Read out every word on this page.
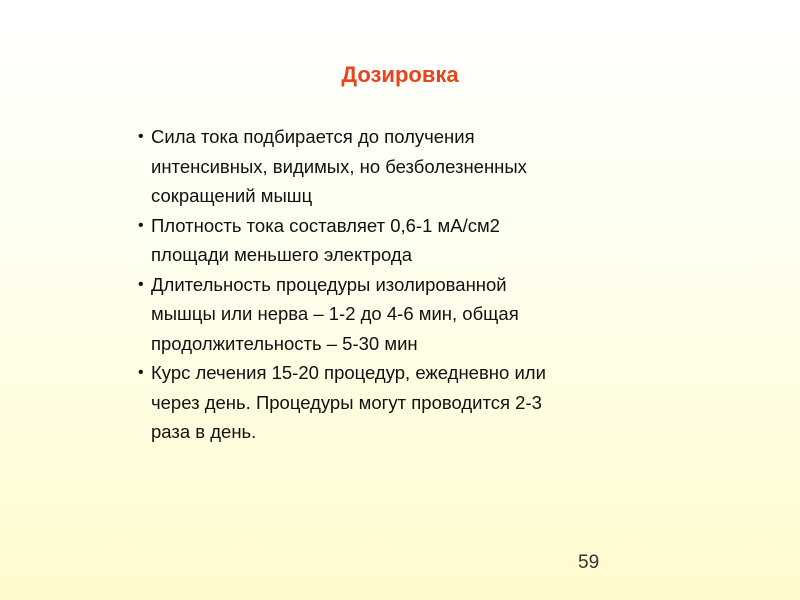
Дозировка
• Сила тока подбирается до получения
интенсивных, видимых, но безболезненных
сокращений мышц
• Плотность тока составляет 0,6-1 мА/см2
площади меньшего электрода
• Длительность процедуры изолированной
мышцы или нерва – 1-2 до 4-6 мин, общая
продолжительность – 5-30 мин
• Курс лечения 15-20 процедур, ежедневно или
через день. Процедуры могут проводится 2-3
раза в день.
59
